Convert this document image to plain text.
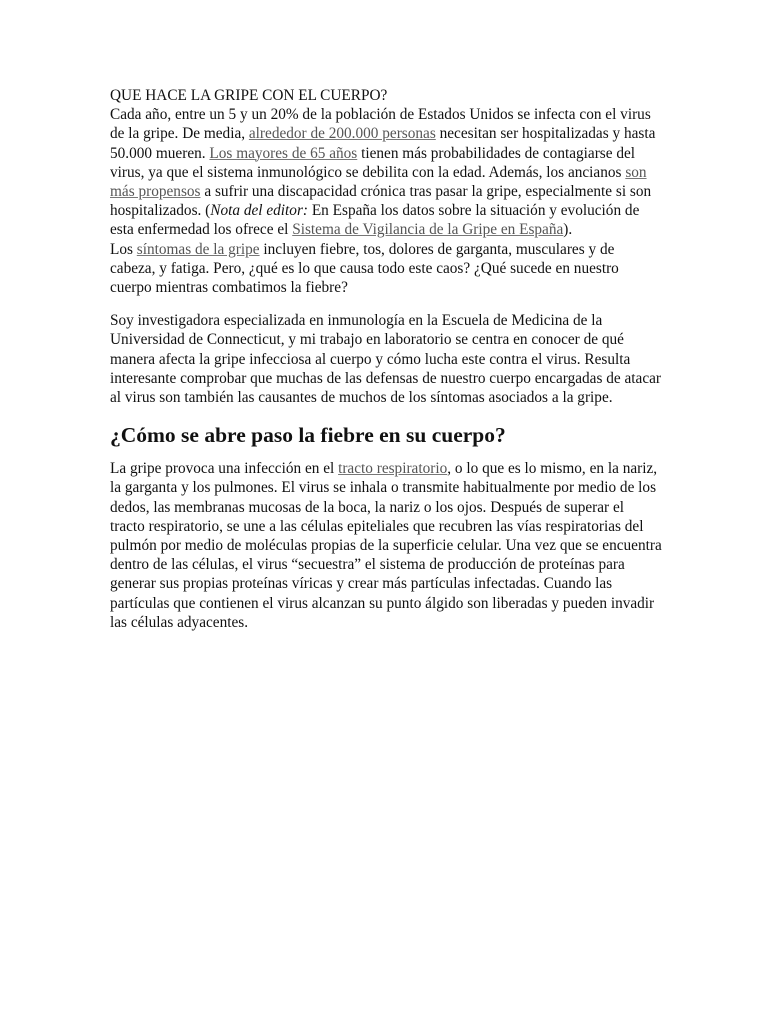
QUE HACE LA GRIPE CON EL CUERPO?

Cada año, entre un 5 y un 20% de la población de Estados Unidos se infecta con el virus de la gripe. De media, alrededor de 200.000 personas necesitan ser hospitalizadas y hasta 50.000 mueren. Los mayores de 65 años tienen más probabilidades de contagiarse del virus, ya que el sistema inmunológico se debilita con la edad. Además, los ancianos son más propensos a sufrir una discapacidad crónica tras pasar la gripe, especialmente si son hospitalizados. (Nota del editor: En España los datos sobre la situación y evolución de esta enfermedad los ofrece el Sistema de Vigilancia de la Gripe en España).

Los síntomas de la gripe incluyen fiebre, tos, dolores de garganta, musculares y de cabeza, y fatiga. Pero, ¿qué es lo que causa todo este caos? ¿Qué sucede en nuestro cuerpo mientras combatimos la fiebre?

Soy investigadora especializada en inmunología en la Escuela de Medicina de la Universidad de Connecticut, y mi trabajo en laboratorio se centra en conocer de qué manera afecta la gripe infecciosa al cuerpo y cómo lucha este contra el virus. Resulta interesante comprobar que muchas de las defensas de nuestro cuerpo encargadas de atacar al virus son también las causantes de muchos de los síntomas asociados a la gripe.

¿Cómo se abre paso la fiebre en su cuerpo?

La gripe provoca una infección en el tracto respiratorio, o lo que es lo mismo, en la nariz, la garganta y los pulmones. El virus se inhala o transmite habitualmente por medio de los dedos, las membranas mucosas de la boca, la nariz o los ojos. Después de superar el tracto respiratorio, se une a las células epiteliales que recubren las vías respiratorias del pulmón por medio de moléculas propias de la superficie celular. Una vez que se encuentra dentro de las células, el virus “secuestra” el sistema de producción de proteínas para generar sus propias proteínas víricas y crear más partículas infectadas. Cuando las partículas que contienen el virus alcanzan su punto álgido son liberadas y pueden invadir las células adyacentes.
